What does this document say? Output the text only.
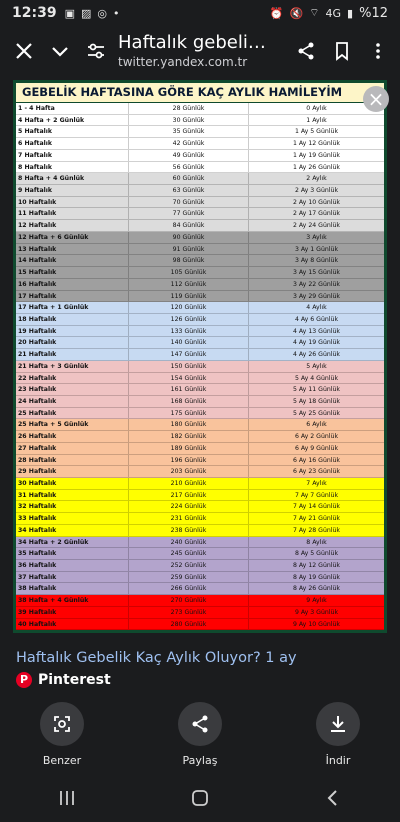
12:39 ▣ ▨ ◎ •	⏰ 🔇 ⌔ 4G ▮ %12
Haftalık gebeli…
twitter.yandex.com.tr
GEBELİK HAFTASINA GÖRE KAÇ AYLIK HAMİLEYİM
1 - 4 Hafta	28 Günlük	0 Aylık
4 Hafta + 2 Günlük	30 Günlük	1 Aylık
5 Haftalık	35 Günlük	1 Ay 5 Günlük
6 Haftalık	42 Günlük	1 Ay 12 Günlük
7 Haftalık	49 Günlük	1 Ay 19 Günlük
8 Haftalık	56 Günlük	1 Ay 26 Günlük
8 Hafta + 4 Günlük	60 Günlük	2 Aylık
9 Haftalık	63 Günlük	2 Ay 3 Günlük
10 Haftalık	70 Günlük	2 Ay 10 Günlük
11 Haftalık	77 Günlük	2 Ay 17 Günlük
12 Haftalık	84 Günlük	2 Ay 24 Günlük
12 Hafta + 6 Günlük	90 Günlük	3 Aylık
13 Haftalık	91 Günlük	3 Ay 1 Günlük
14 Haftalık	98 Günlük	3 Ay 8 Günlük
15 Haftalık	105 Günlük	3 Ay 15 Günlük
16 Haftalık	112 Günlük	3 Ay 22 Günlük
17 Haftalık	119 Günlük	3 Ay 29 Günlük
17 Hafta + 1 Günlük	120 Günlük	4 Aylık
18 Haftalık	126 Günlük	4 Ay 6 Günlük
19 Haftalık	133 Günlük	4 Ay 13 Günlük
20 Haftalık	140 Günlük	4 Ay 19 Günlük
21 Haftalık	147 Günlük	4 Ay 26 Günlük
21 Hafta + 3 Günlük	150 Günlük	5 Aylık
22 Haftalık	154 Günlük	5 Ay 4 Günlük
23 Haftalık	161 Günlük	5 Ay 11 Günlük
24 Haftalık	168 Günlük	5 Ay 18 Günlük
25 Haftalık	175 Günlük	5 Ay 25 Günlük
25 Hafta + 5 Günlük	180 Günlük	6 Aylık
26 Haftalık	182 Günlük	6 Ay 2 Günlük
27 Haftalık	189 Günlük	6 Ay 9 Günlük
28 Haftalık	196 Günlük	6 Ay 16 Günlük
29 Haftalık	203 Günlük	6 Ay 23 Günlük
30 Haftalık	210 Günlük	7 Aylık
31 Haftalık	217 Günlük	7 Ay 7 Günlük
32 Haftalık	224 Günlük	7 Ay 14 Günlük
33 Haftalık	231 Günlük	7 Ay 21 Günlük
34 Haftalık	238 Günlük	7 Ay 28 Günlük
34 Hafta + 2 Günlük	240 Günlük	8 Aylık
35 Haftalık	245 Günlük	8 Ay 5 Günlük
36 Haftalık	252 Günlük	8 Ay 12 Günlük
37 Haftalık	259 Günlük	8 Ay 19 Günlük
38 Haftalık	266 Günlük	8 Ay 26 Günlük
38 Hafta + 4 Günlük	270 Günlük	9 Aylık
39 Haftalık	273 Günlük	9 Ay 3 Günlük
40 Haftalık	280 Günlük	9 Ay 10 Günlük
×
Haftalık Gebelik Kaç Aylık Oluyor? 1 ay
P Pinterest
Benzer	Paylaş	İndir
